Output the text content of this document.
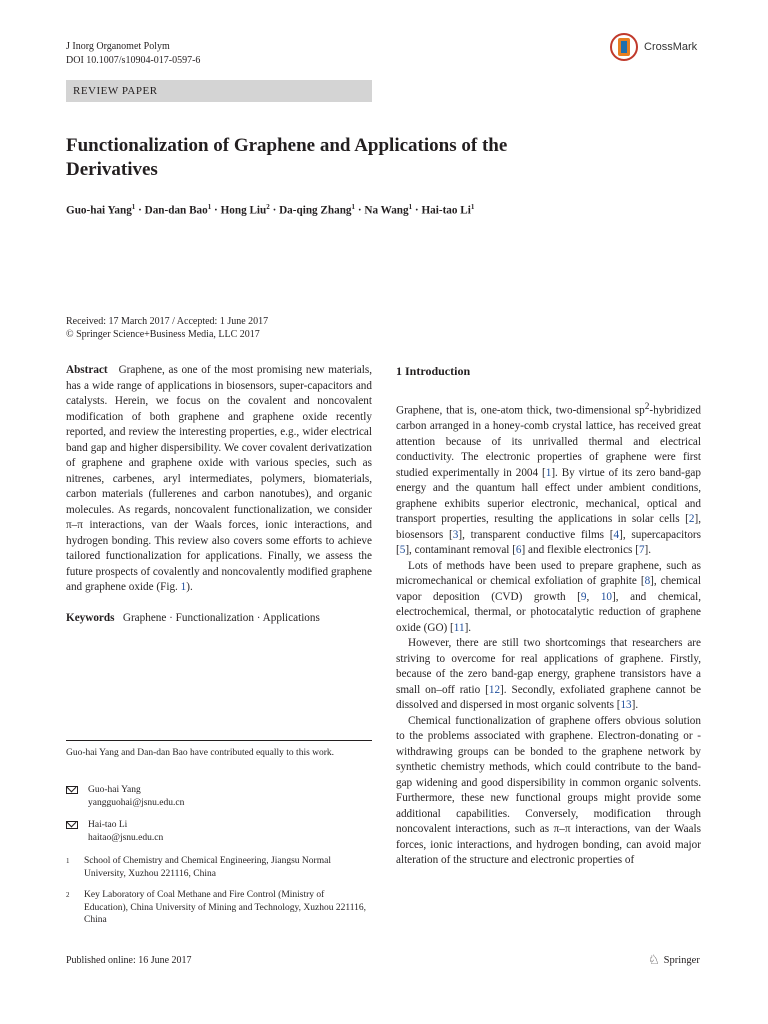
J Inorg Organomet Polym
DOI 10.1007/s10904-017-0597-6
CrossMark
REVIEW PAPER
Functionalization of Graphene and Applications of the Derivatives
Guo-hai Yang$^1$ · Dan-dan Bao$^1$ · Hong Liu$^2$ · Da-qing Zhang$^1$ · Na Wang$^1$ · Hai-tao Li$^1$
Received: 17 March 2017 / Accepted: 1 June 2017
© Springer Science+Business Media, LLC 2017

Abstract Graphene, as one of the most promising new materials, has a wide range of applications in biosensors, super-capacitors and catalysts. Herein, we focus on the covalent and noncovalent modification of both graphene and graphene oxide recently reported, and review the interesting properties, e.g., wider electrical band gap and higher dispersibility. We cover covalent derivatization of graphene and graphene oxide with various species, such as nitrenes, carbenes, aryl intermediates, polymers, biomaterials, carbon materials (fullerenes and carbon nanotubes), and organic molecules. As regards, noncovalent functionalization, we consider π–π interactions, van der Waals forces, ionic interactions, and hydrogen bonding. This review also covers some efforts to achieve tailored functionalization for applications. Finally, we assess the future prospects of covalently and noncovalently modified graphene and graphene oxide (Fig. 1).

Keywords Graphene · Functionalization · Applications

Guo-hai Yang and Dan-dan Bao have contributed equally to this work.
Guo-hai Yang
yangguohai@jsnu.edu.cn
Hai-tao Li
haitao@jsnu.edu.cn
1	School of Chemistry and Chemical Engineering, Jiangsu Normal University, Xuzhou 221116, China
2	Key Laboratory of Coal Methane and Fire Control (Ministry of Education), China University of Mining and Technology, Xuzhou 221116, China
1 Introduction

Graphene, that is, one-atom thick, two-dimensional $sp^2$-hybridized carbon arranged in a honey-comb crystal lattice, has received great attention because of its unrivalled thermal and electrical conductivity. The electronic properties of graphene were first studied experimentally in 2004 [1]. By virtue of its zero band-gap energy and the quantum hall effect under ambient conditions, graphene exhibits superior electronic, mechanical, optical and transport properties, resulting the applications in solar cells [2], biosensors [3], transparent conductive films [4], supercapacitors [5], contaminant removal [6] and flexible electronics [7].

Lots of methods have been used to prepare graphene, such as micromechanical or chemical exfoliation of graphite [8], chemical vapor deposition (CVD) growth [9, 10], and chemical, electrochemical, thermal, or photocatalytic reduction of graphene oxide (GO) [11].

However, there are still two shortcomings that researchers are striving to overcome for real applications of graphene. Firstly, because of the zero band-gap energy, graphene transistors have a small on–off ratio [12]. Secondly, exfoliated graphene cannot be dissolved and dispersed in most organic solvents [13].

Chemical functionalization of graphene offers obvious solution to the problems associated with graphene. Electron-donating or -withdrawing groups can be bonded to the graphene network by synthetic chemistry methods, which could contribute to the band-gap widening and good dispersibility in common organic solvents. Furthermore, these new functional groups might provide some additional capabilities. Conversely, modification through noncovalent interactions, such as π–π interactions, van der Waals forces, ionic interactions, and hydrogen bonding, can avoid major alteration of the structure and electronic properties of

Published online: 16 June 2017	♘ Springer
